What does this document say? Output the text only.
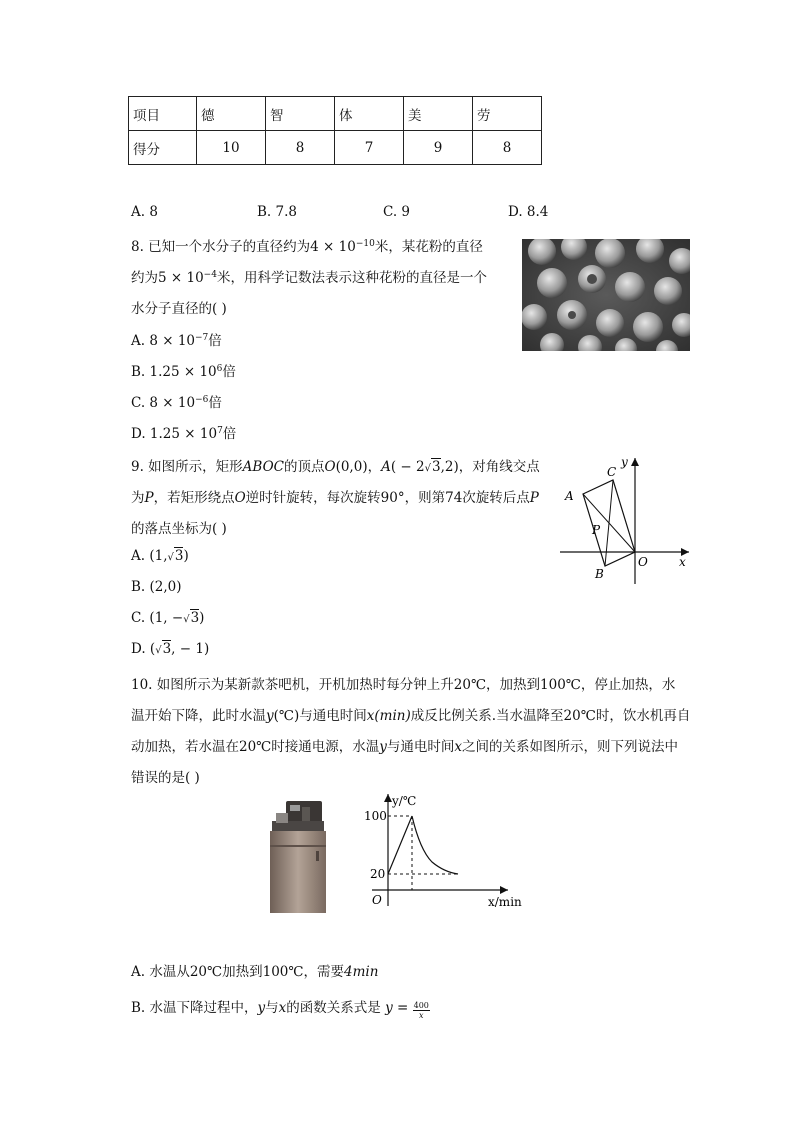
项目	德	智	体	美	劳
得分	10	8	7	9	8
A. 8	B. 7.8	C. 9	D. 8.4
8. 已知一个水分子的直径约为$4 \times 10^{-10}$米，某花粉的直径
约为$5 \times 10^{-4}$米，用科学记数法表示这种花粉的直径是一个
水分子直径的( )
A. $8 \times 10^{-7}$倍
B. $1.25 \times 10^6$倍
C. $8 \times 10^{-6}$倍
D. $1.25 \times 10^7$倍
9. 如图所示，矩形ABOC的顶点O(0,0)，A( − 2√3,2)，对角线交点
为P，若矩形绕点O逆时针旋转，每次旋转90°，则第74次旋转后点P
的落点坐标为( )
A. (1,√3)
B. (2,0)
C. (1, −√3)
D. (√3, − 1)
y
x
A
C
P
B
O
10. 如图所示为某新款茶吧机，开机加热时每分钟上升20℃，加热到100℃，停止加热，水
温开始下降，此时水温y(℃)与通电时间x(min)成反比例关系.当水温降至20℃时，饮水机再自
动加热，若水温在20℃时接通电源，水温y与通电时间x之间的关系如图所示，则下列说法中
错误的是( )
y/℃
100
20
O	x/min
A. 水温从20℃加热到100℃，需要4min
B. 水温下降过程中，y与x的函数关系式是 $y = \frac{400}{x}$
